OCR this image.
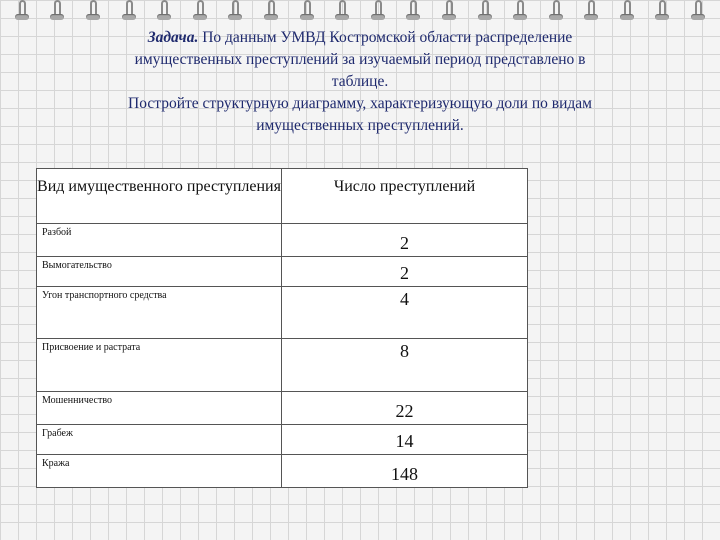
Задача. По данным УМВД Костромской области распределение
имущественных преступлений за изучаемый период представлено в
таблице.
Постройте структурную диаграмму, характеризующую доли по видам
имущественных преступлений.
Вид имущественного преступления	Число преступлений
Разбой	2
Вымогательство	2
Угон транспортного средства	4
Присвоение и растрата	8
Мошенничество	22
Грабеж	14
Кража	148
